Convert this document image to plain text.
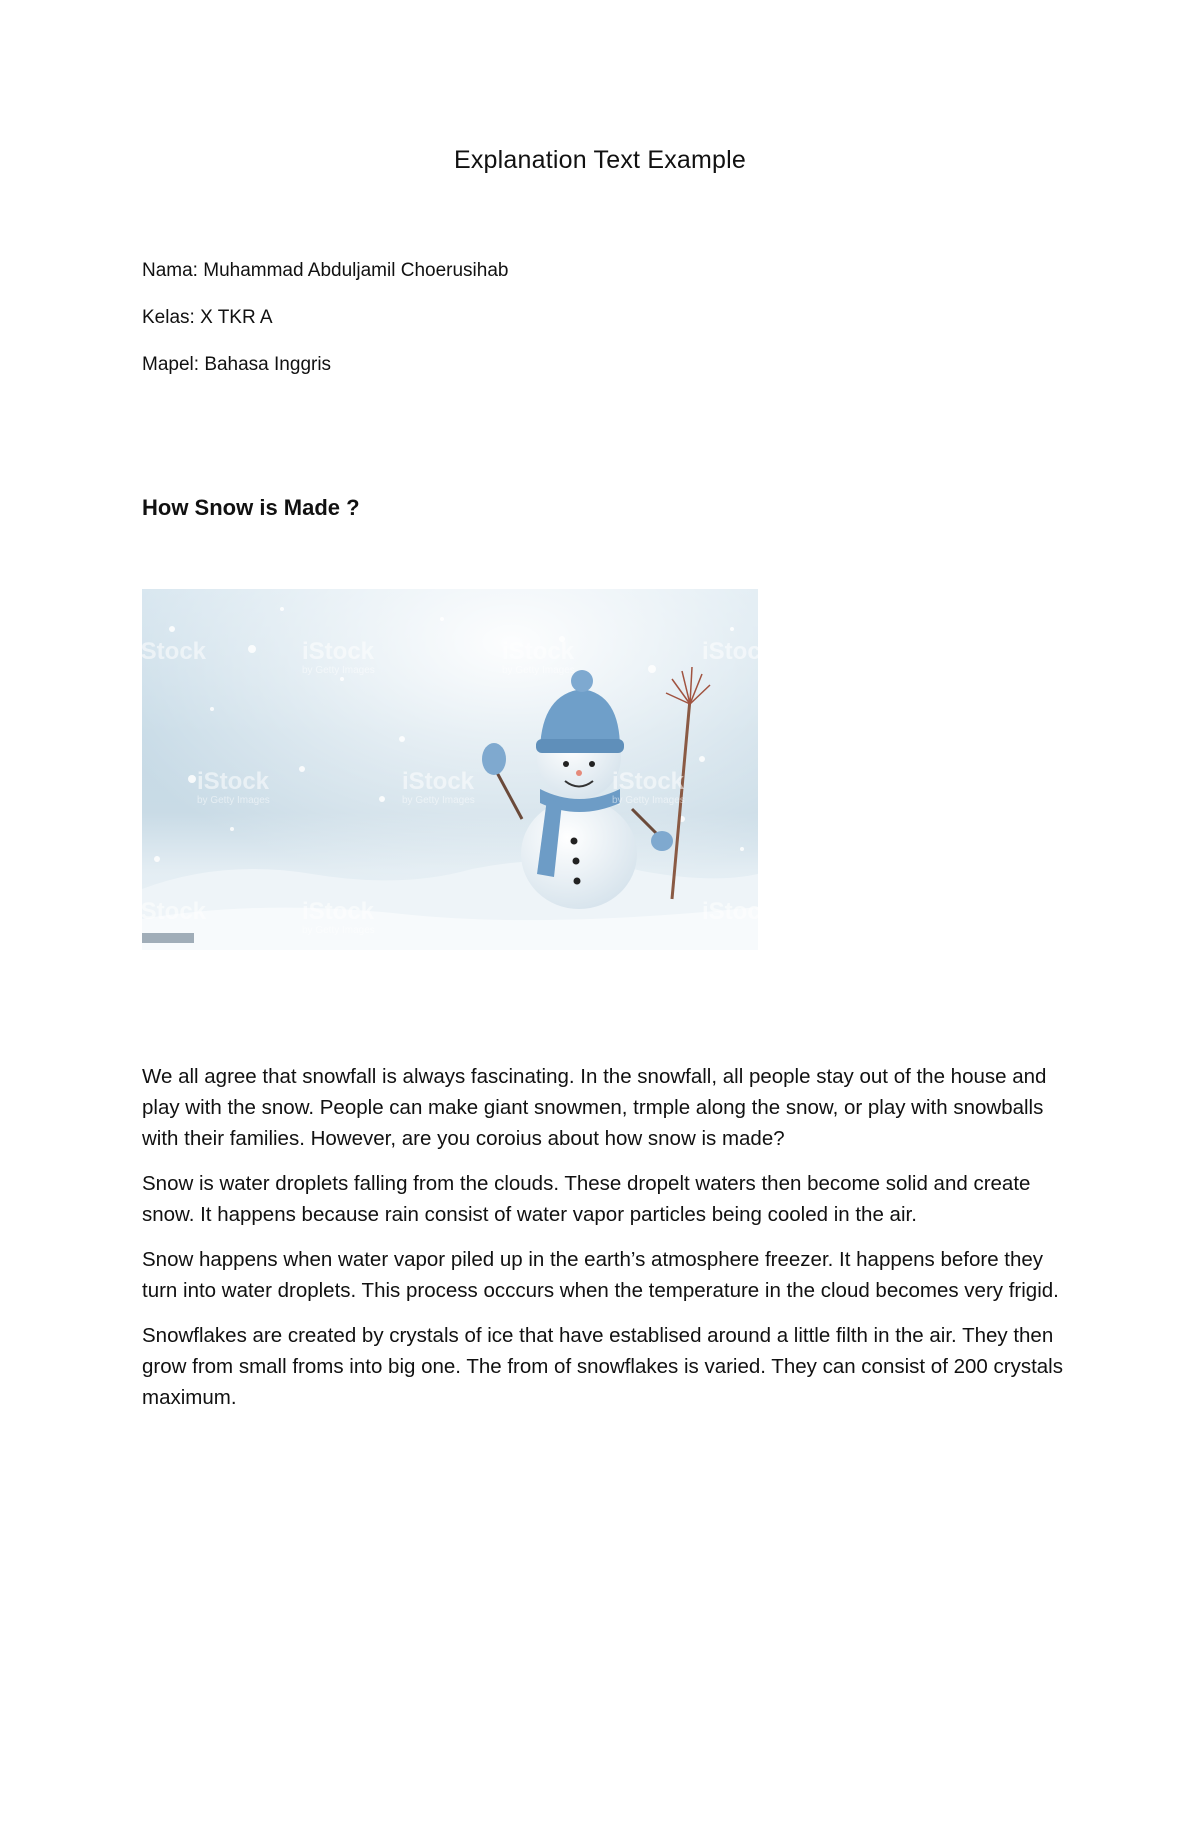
Explanation Text Example
Nama: Muhammad Abduljamil Choerusihab
Kelas: X TKR A
Mapel: Bahasa Inggris
How Snow is Made ?
iStock	iStock	iStock	iStock
iStock	iStock	iStock
iStock	iStock	iStock
by Getty Images	by Getty Images
by Getty Images	by Getty Images	by Getty Images
by Getty Images

We all agree that snowfall is always fascinating. In the snowfall, all people stay out of the house and play with the snow. People can make giant snowmen, trmple along the snow, or play with snowballs with their families. However, are you coroius about how snow is made?

Snow is water droplets falling from the clouds. These dropelt waters then become solid and create snow. It happens because rain consist of water vapor particles being cooled in the air.

Snow happens when water vapor piled up in the earth’s atmosphere freezer. It happens before they turn into water droplets. This process occcurs when the temperature in the cloud becomes very frigid.

Snowflakes are created by crystals of ice that have establised around a little filth in the air. They then grow from small froms into big one. The from of snowflakes is varied. They can consist of 200 crystals maximum.
